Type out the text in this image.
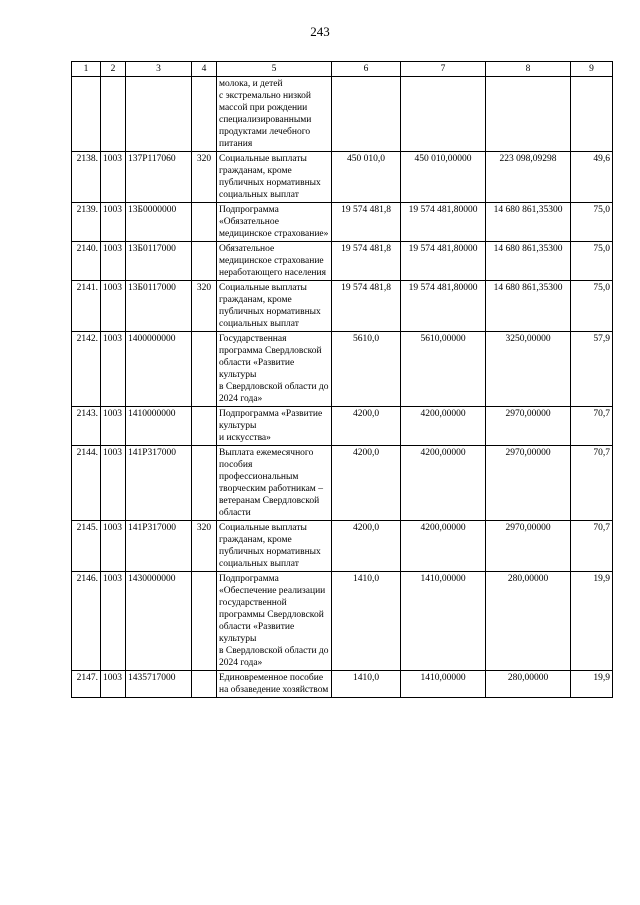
243
1	2	3	4	5	6	7	8	9
				молока, и детей
с экстремально низкой массой при рождении специализированными продуктами лечебного питания				
2138.	1003	137P117060	320	Социальные выплаты гражданам, кроме публичных нормативных социальных выплат	450 010,0	450 010,00000	223 098,09298	49,6
2139.	1003	13Б0000000		Подпрограмма «Обязательное медицинское страхование»	19 574 481,8	19 574 481,80000	14 680 861,35300	75,0
2140.	1003	13Б0117000		Обязательное медицинское страхование неработающего населения	19 574 481,8	19 574 481,80000	14 680 861,35300	75,0
2141.	1003	13Б0117000	320	Социальные выплаты гражданам, кроме публичных нормативных социальных выплат	19 574 481,8	19 574 481,80000	14 680 861,35300	75,0
2142.	1003	1400000000		Государственная программа Свердловской области «Развитие культуры
в Свердловской области до 2024 года»	5610,0	5610,00000	3250,00000	57,9
2143.	1003	1410000000		Подпрограмма «Развитие культуры
и искусства»	4200,0	4200,00000	2970,00000	70,7
2144.	1003	141P317000		Выплата ежемесячного пособия профессиональным творческим работникам – ветеранам Свердловской области	4200,0	4200,00000	2970,00000	70,7
2145.	1003	141P317000	320	Социальные выплаты гражданам, кроме публичных нормативных социальных выплат	4200,0	4200,00000	2970,00000	70,7
2146.	1003	1430000000		Подпрограмма «Обеспечение реализации государственной программы Свердловской области «Развитие культуры
в Свердловской области до 2024 года»	1410,0	1410,00000	280,00000	19,9
2147.	1003	1435717000		Единовременное пособие на обзаведение хозяйством	1410,0	1410,00000	280,00000	19,9
